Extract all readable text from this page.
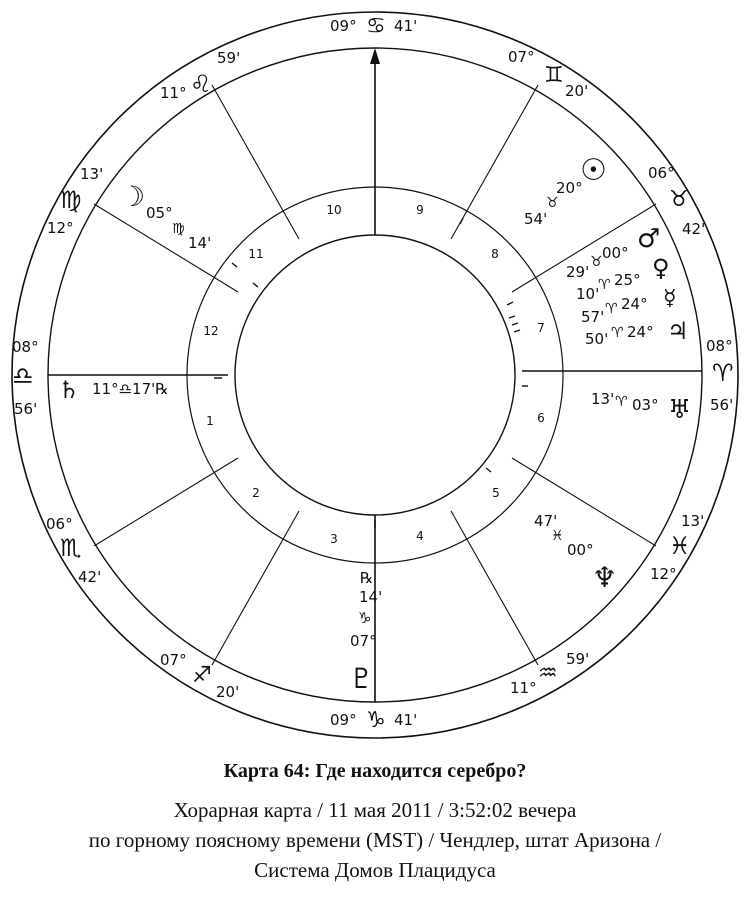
1
2
3	4
5
6
7
8
9
10
11
12
09° ♋ 41'
11° ♌
59'
13'
♍
12°
08°
♎
56'
06°
♏
42'
07°
♐
20'
09° ♑ 41'
11°
♒
59'
13'
♓
12°
08°
♈
56'
06°
♉
42'
07°
♊
20'
☉
20°
♉
54'
☽ 05°
♍
14'
29'
♉ 00° ♂
10'
♈ 25° ♀
57' ♈ 24° ☿
50' ♈ 24° ♃
13' ♈ 03° ♅
47'
♓
00°
♆
♄ 11°♎17'℞
℞
14'
♑
07°
♇
Карта 64: Где находится серебро?
Хорарная карта / 11 мая 2011 / 3:52:02 вечера
по горному поясному времени (MST) / Чендлер, штат Аризона /
Система Домов Плацидуса
